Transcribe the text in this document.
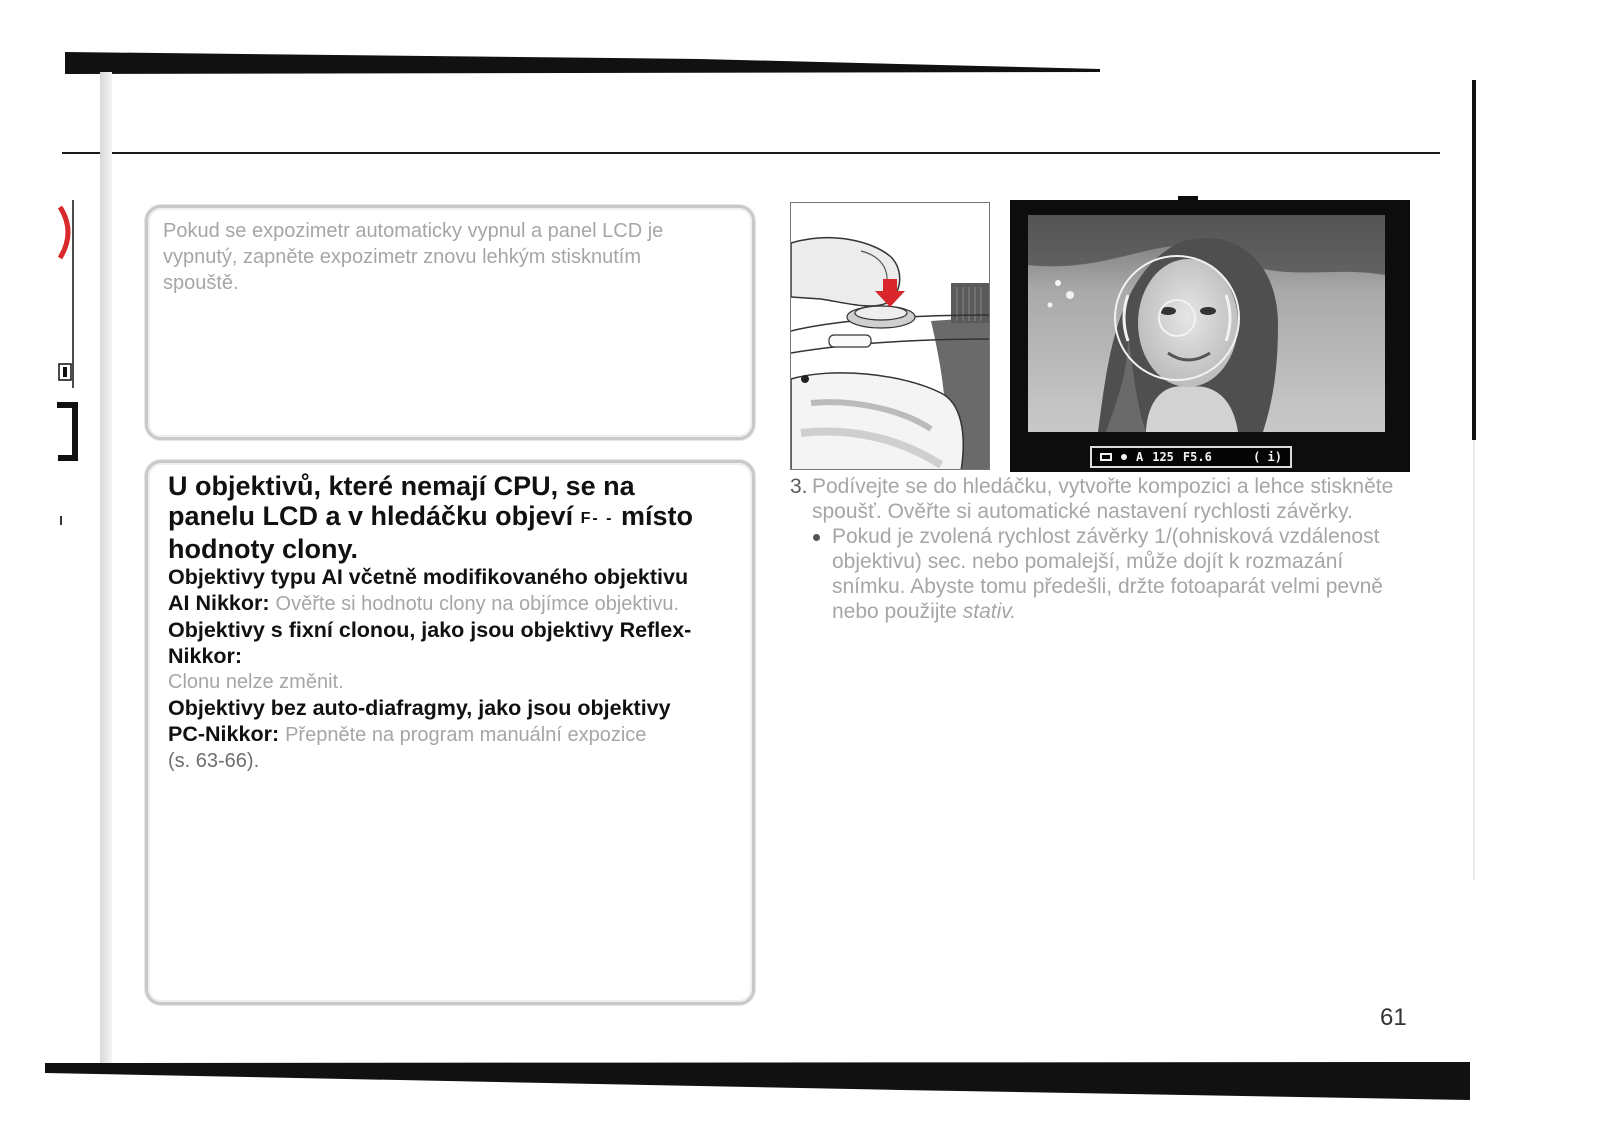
Pokud se expozimetr automaticky vypnul a panel LCD je vypnutý, zapněte expozimetr znovu lehkým stisknutím spouště.

U objektivů, které nemají CPU, se na panelu LCD a v hledáčku objeví F- - místo hodnoty clony.

Objektivy typu AI včetně modifikovaného objektivu AI Nikkor: Ověřte si hodnotu clony na objímce objektivu.

Objektivy s fixní clonou, jako jsou objektivy Reflex-Nikkor:
Clonu nelze změnit.

Objektivy bez auto-diafragmy, jako jsou objektivy PC-Nikkor: Přepněte na program manuální expozice
(s. 63-66).

A 125 F5.6	( i)
3. Podívejte se do hledáčku, vytvořte kompozici a lehce stiskněte spoušť. Ověřte si automatické nastavení rychlosti závěrky.

Pokud je zvolená rychlost závěrky 1/(ohnisková vzdálenost objektivu) sec. nebo pomalejší, může dojít k rozmazání snímku. Abyste tomu předešli, držte fotoaparát velmi pevně nebo použijte stativ.

61
